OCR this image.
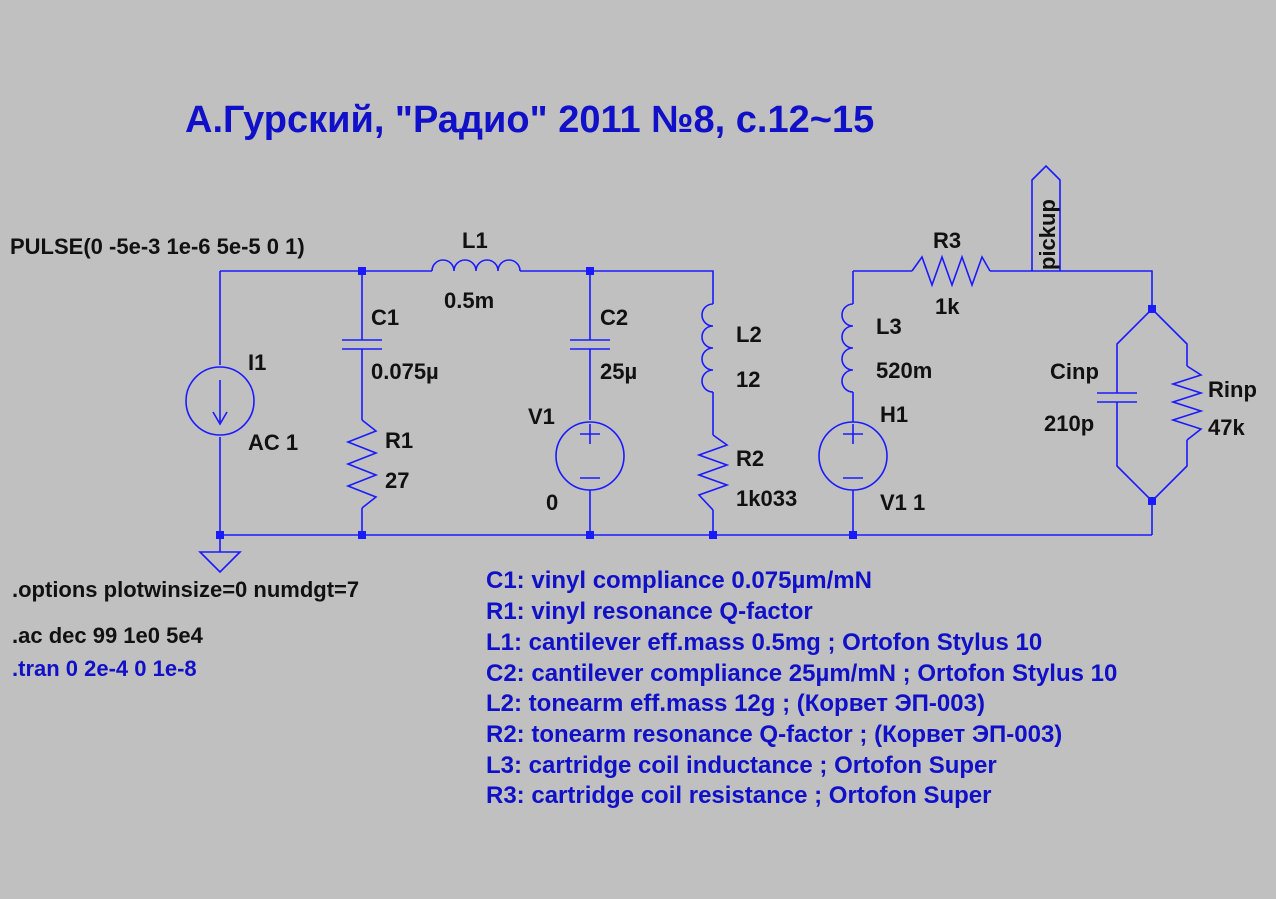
А.Гурский, "Радио" 2011 №8, с.12~15
pickup
PULSE(0 -5e-3 1e-6 5e-5 0 1)	L1
0.5m
C1
0.075µ
I1
AC 1	R1
27
C2
25µ
V1
0
L2
12
R2
1k033
R3
1k
L3
520m
H1
V1 1
Cinp
210p
Rinp
47k
.options plotwinsize=0 numdgt=7
.ac dec 99 1e0 5e4
.tran 0 2e-4 0 1e-8
C1: vinyl compliance 0.075µm/mN
R1: vinyl resonance Q-factor
L1: cantilever eff.mass 0.5mg ; Ortofon Stylus 10
C2: cantilever compliance 25µm/mN ; Ortofon Stylus 10
L2: tonearm eff.mass 12g ; (Корвет ЭП-003)
R2: tonearm resonance Q-factor ; (Корвет ЭП-003)
L3: cartridge coil inductance ; Ortofon Super
R3: cartridge coil resistance ; Ortofon Super
